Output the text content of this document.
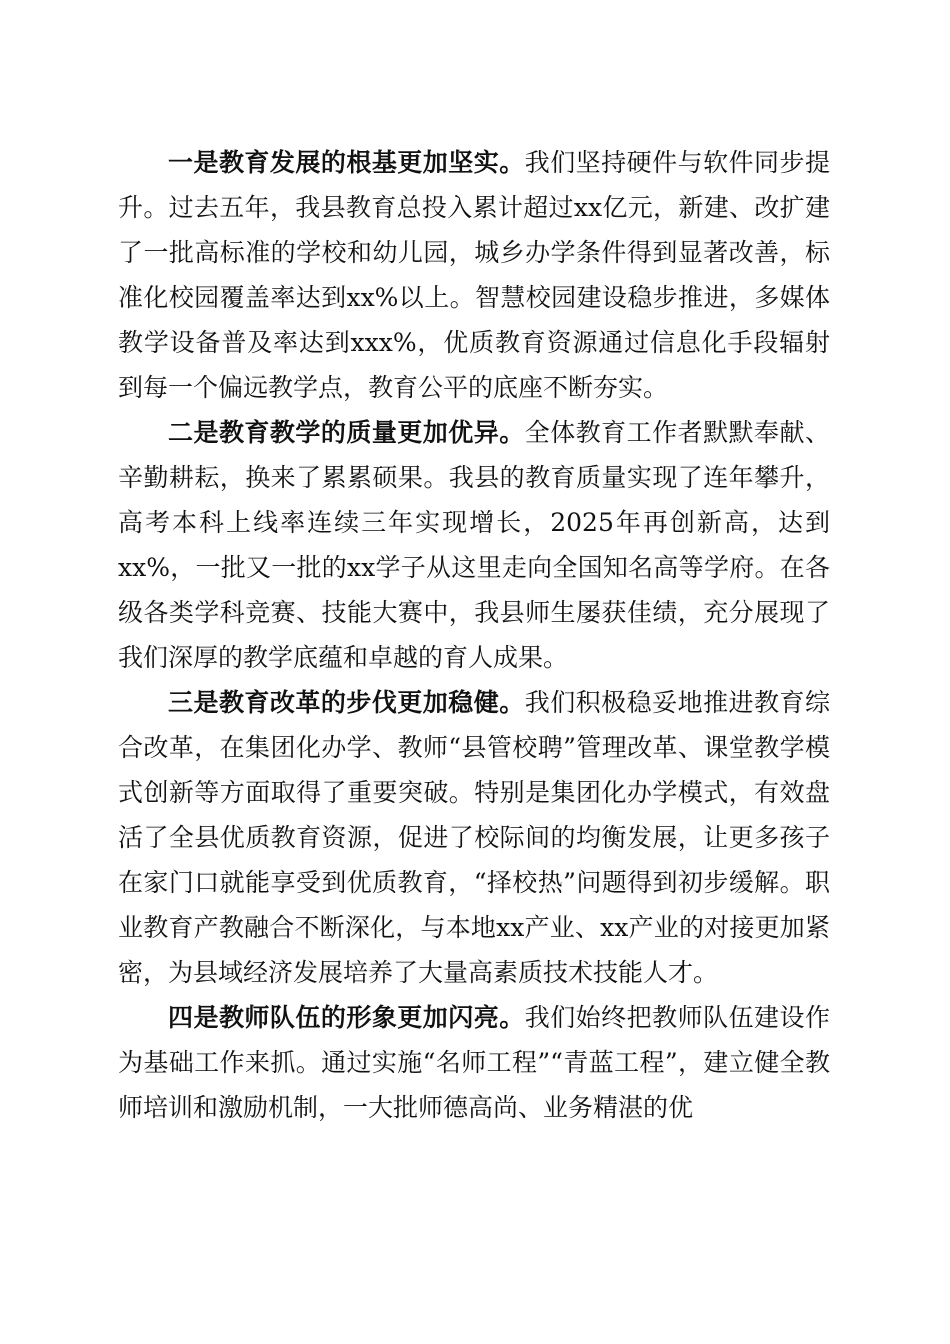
一是教育发展的根基更加坚实。我们坚持硬件与软件同步提升。过去五年，我县教育总投入累计超过xx亿元，新建、改扩建了一批高标准的学校和幼儿园，城乡办学条件得到显著改善，标准化校园覆盖率达到xx%以上。智慧校园建设稳步推进，多媒体教学设备普及率达到xxx%，优质教育资源通过信息化手段辐射到每一个偏远教学点，教育公平的底座不断夯实。

二是教育教学的质量更加优异。全体教育工作者默默奉献、辛勤耕耘，换来了累累硕果。我县的教育质量实现了连年攀升，高考本科上线率连续三年实现增长，2025年再创新高，达到xx%，一批又一批的xx学子从这里走向全国知名高等学府。在各级各类学科竞赛、技能大赛中，我县师生屡获佳绩，充分展现了我们深厚的教学底蕴和卓越的育人成果。

三是教育改革的步伐更加稳健。我们积极稳妥地推进教育综合改革，在集团化办学、教师“县管校聘”管理改革、课堂教学模式创新等方面取得了重要突破。特别是集团化办学模式，有效盘活了全县优质教育资源，促进了校际间的均衡发展，让更多孩子在家门口就能享受到优质教育，“择校热”问题得到初步缓解。职业教育产教融合不断深化，与本地xx产业、xx产业的对接更加紧密，为县域经济发展培养了大量高素质技术技能人才。

四是教师队伍的形象更加闪亮。我们始终把教师队伍建设作为基础工作来抓。通过实施“名师工程”“青蓝工程”，建立健全教师培训和激励机制，一大批师德高尚、业务精湛的优
